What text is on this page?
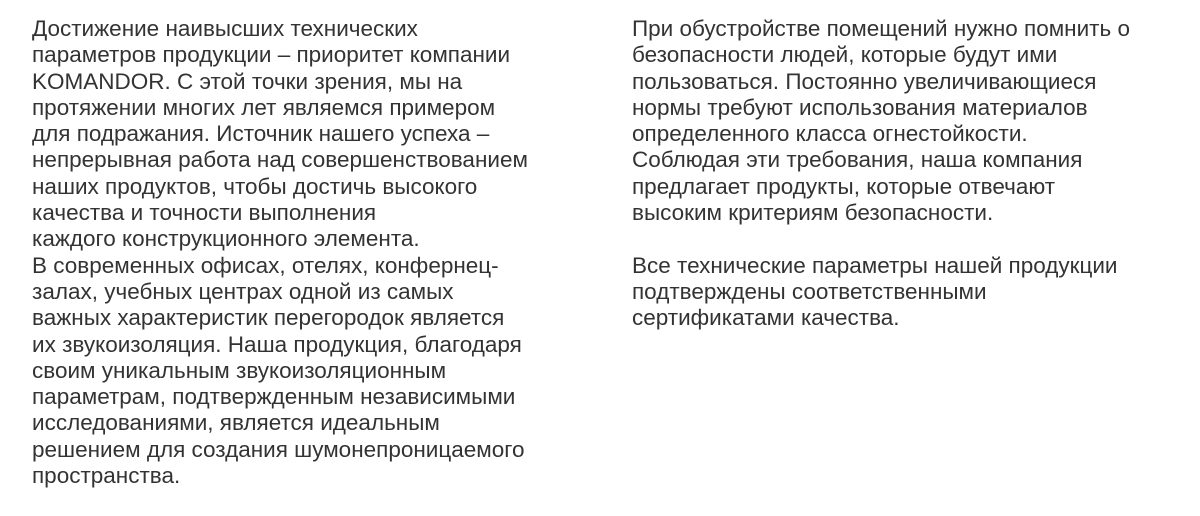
Достижение наивысших технических
параметров продукции – приоритет компании
KOMANDOR. С этой точки зрения, мы на
протяжении многих лет являемся примером
для подражания. Источник нашего успеха –
непрерывная работа над совершенствованием
наших продуктов, чтобы достичь высокого
качества и точности выполнения
каждого конструкционного элемента.
В современных офисах, отелях, конфернец-
залах, учебных центрах одной из самых
важных характеристик перегородок является
их звукоизоляция. Наша продукция, благодаря
своим уникальным звукоизоляционным
параметрам, подтвержденным независимыми
исследованиями, является идеальным
решением для создания шумонепроницаемого
пространства.
При обустройстве помещений нужно помнить о
безопасности людей, которые будут ими
пользоваться. Постоянно увеличивающиеся
нормы требуют использования материалов
определенного класса огнестойкости.
Соблюдая эти требования, наша компания
предлагает продукты, которые отвечают
высоким критериям безопасности.
Все технические параметры нашей продукции
подтверждены соответственными
сертификатами качества.
